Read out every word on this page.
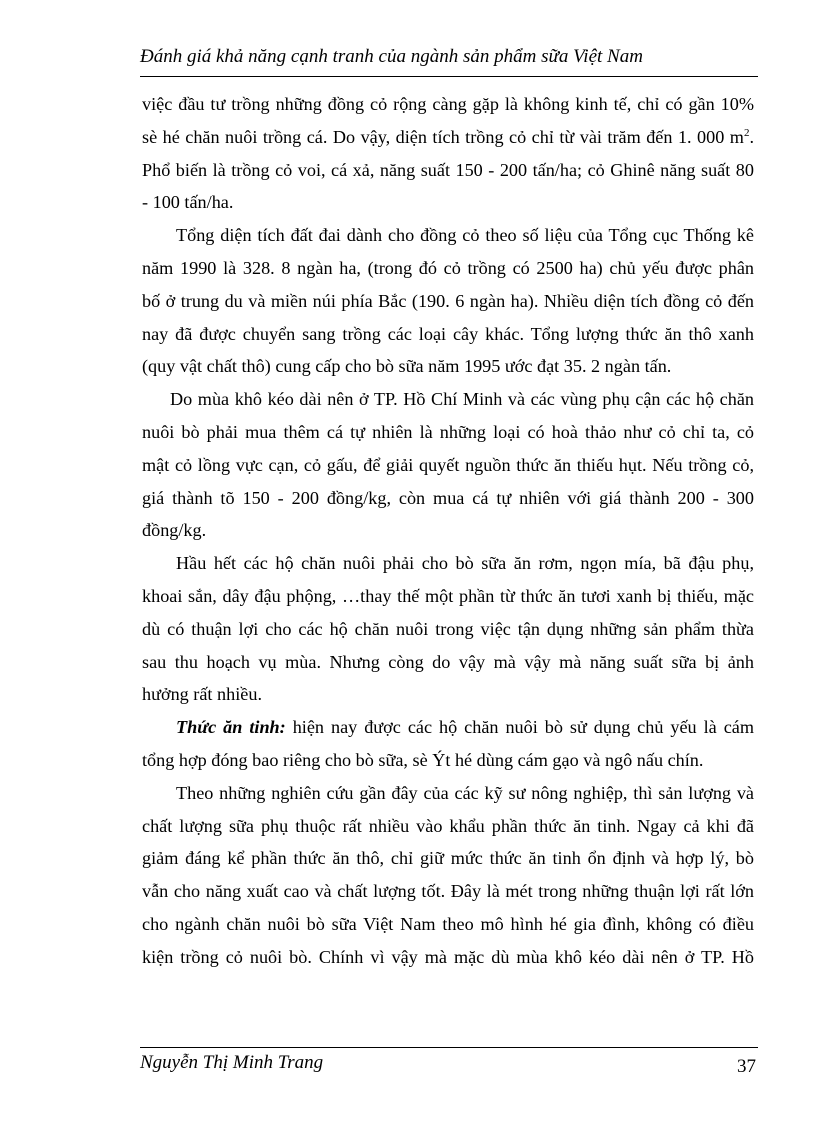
Đánh giá khả năng cạnh tranh của ngành sản phẩm sữa Việt Nam

việc đầu tư trồng những đồng cỏ rộng càng gặp là không kinh tế, chỉ có gần 10%
sè hé chăn nuôi trồng cá. Do vậy, diện tích trồng cỏ chỉ từ vài trăm đến 1. 000 $m^2$.
Phổ biến là trồng cỏ voi, cá xả, năng suất 150 - 200 tấn/ha; cỏ Ghinê năng suất 80
- 100 tấn/ha.

Tổng diện tích đất đai dành cho đồng cỏ theo số liệu của Tổng cục Thống kê
năm 1990 là 328. 8 ngàn ha, (trong đó cỏ trồng có 2500 ha) chủ yếu được phân
bố ở trung du và miền núi phía Bắc (190. 6 ngàn ha). Nhiều diện tích đồng cỏ đến
nay đã được chuyển sang trồng các loại cây khác. Tổng lượng thức ăn thô xanh
(quy vật chất thô) cung cấp cho bò sữa năm 1995 ước đạt 35. 2 ngàn tấn.

Do mùa khô kéo dài nên ở TP. Hồ Chí Minh và các vùng phụ cận các hộ chăn
nuôi bò phải mua thêm cá tự nhiên là những loại có hoà thảo như cỏ chỉ ta, cỏ
mật cỏ lồng vực cạn, cỏ gấu, để giải quyết nguồn thức ăn thiếu hụt. Nếu trồng cỏ,
giá thành tõ 150 - 200 đồng/kg, còn mua cá tự nhiên với giá thành 200 - 300
đồng/kg.

Hầu hết các hộ chăn nuôi phải cho bò sữa ăn rơm, ngọn mía, bã đậu phụ,
khoai sắn, dây đậu phộng, …thay thế một phần từ thức ăn tươi xanh bị thiếu, mặc
dù có thuận lợi cho các hộ chăn nuôi trong việc tận dụng những sản phẩm thừa
sau thu hoạch vụ mùa. Nhưng còng do vậy mà vậy mà năng suất sữa bị ảnh
hưởng rất nhiều.

Thức ăn tinh: hiện nay được các hộ chăn nuôi bò sử dụng chủ yếu là cám
tổng hợp đóng bao riêng cho bò sữa, sè Ýt hé dùng cám gạo và ngô nấu chín.

Theo những nghiên cứu gần đây của các kỹ sư nông nghiệp, thì sản lượng và
chất lượng sữa phụ thuộc rất nhiều vào khẩu phần thức ăn tinh. Ngay cả khi đã
giảm đáng kể phần thức ăn thô, chỉ giữ mức thức ăn tinh ổn định và hợp lý, bò
vẫn cho năng xuất cao và chất lượng tốt. Đây là mét trong những thuận lợi rất lớn
cho ngành chăn nuôi bò sữa Việt Nam theo mô hình hé gia đình, không có điều
kiện trồng cỏ nuôi bò. Chính vì vậy mà mặc dù mùa khô kéo dài nên ở TP. Hồ

Nguyễn Thị Minh Trang	37
